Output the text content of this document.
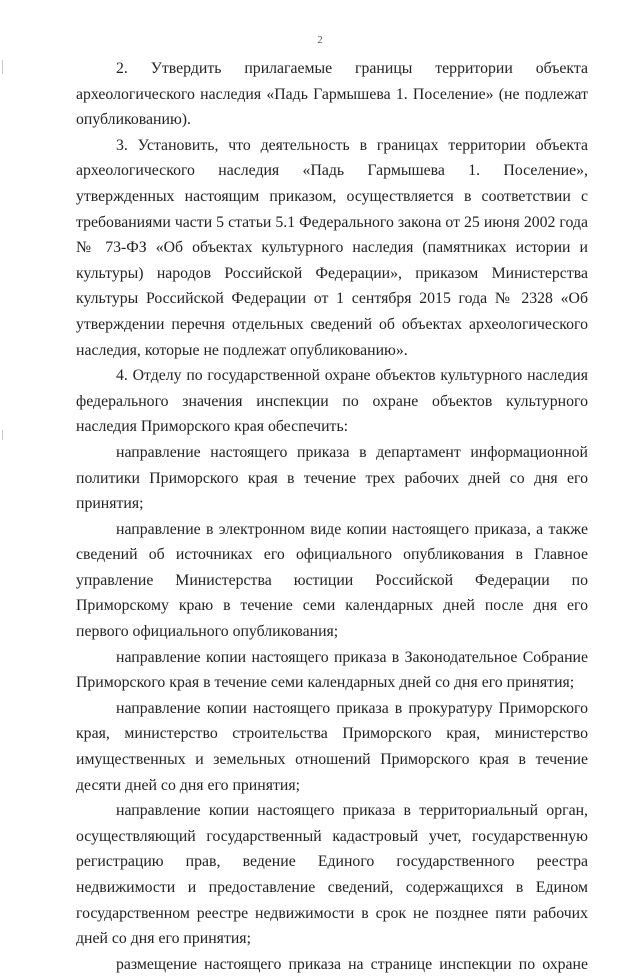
2

2. Утвердить прилагаемые границы территории объекта археологического наследия «Падь Гармышева 1. Поселение» (не подлежат опубликованию).

3. Установить, что деятельность в границах территории объекта археологического наследия «Падь Гармышева 1. Поселение», утвержденных настоящим приказом, осуществляется в соответствии с требованиями части 5 статьи 5.1 Федерального закона от 25 июня 2002 года № 73-ФЗ «Об объектах культурного наследия (памятниках истории и культуры) народов Российской Федерации», приказом Министерства культуры Российской Федерации от 1 сентября 2015 года № 2328 «Об утверждении перечня отдельных сведений об объектах археологического наследия, которые не подлежат опубликованию».

4. Отделу по государственной охране объектов культурного наследия федерального значения инспекции по охране объектов культурного наследия Приморского края обеспечить:

направление настоящего приказа в департамент информационной политики Приморского края в течение трех рабочих дней со дня его принятия;

направление в электронном виде копии настоящего приказа, а также сведений об источниках его официального опубликования в Главное управление Министерства юстиции Российской Федерации по Приморскому краю в течение семи календарных дней после дня его первого официального опубликования;

направление копии настоящего приказа в Законодательное Собрание Приморского края в течение семи календарных дней со дня его принятия;

направление копии настоящего приказа в прокуратуру Приморского края, министерство строительства Приморского края, министерство имущественных и земельных отношений Приморского края в течение десяти дней со дня его принятия;

направление копии настоящего приказа в территориальный орган, осуществляющий государственный кадастровый учет, государственную регистрацию прав, ведение Единого государственного реестра недвижимости и предоставление сведений, содержащихся в Едином государственном реестре недвижимости в срок не позднее пяти рабочих дней со дня его принятия;

размещение настоящего приказа на странице инспекции по охране
